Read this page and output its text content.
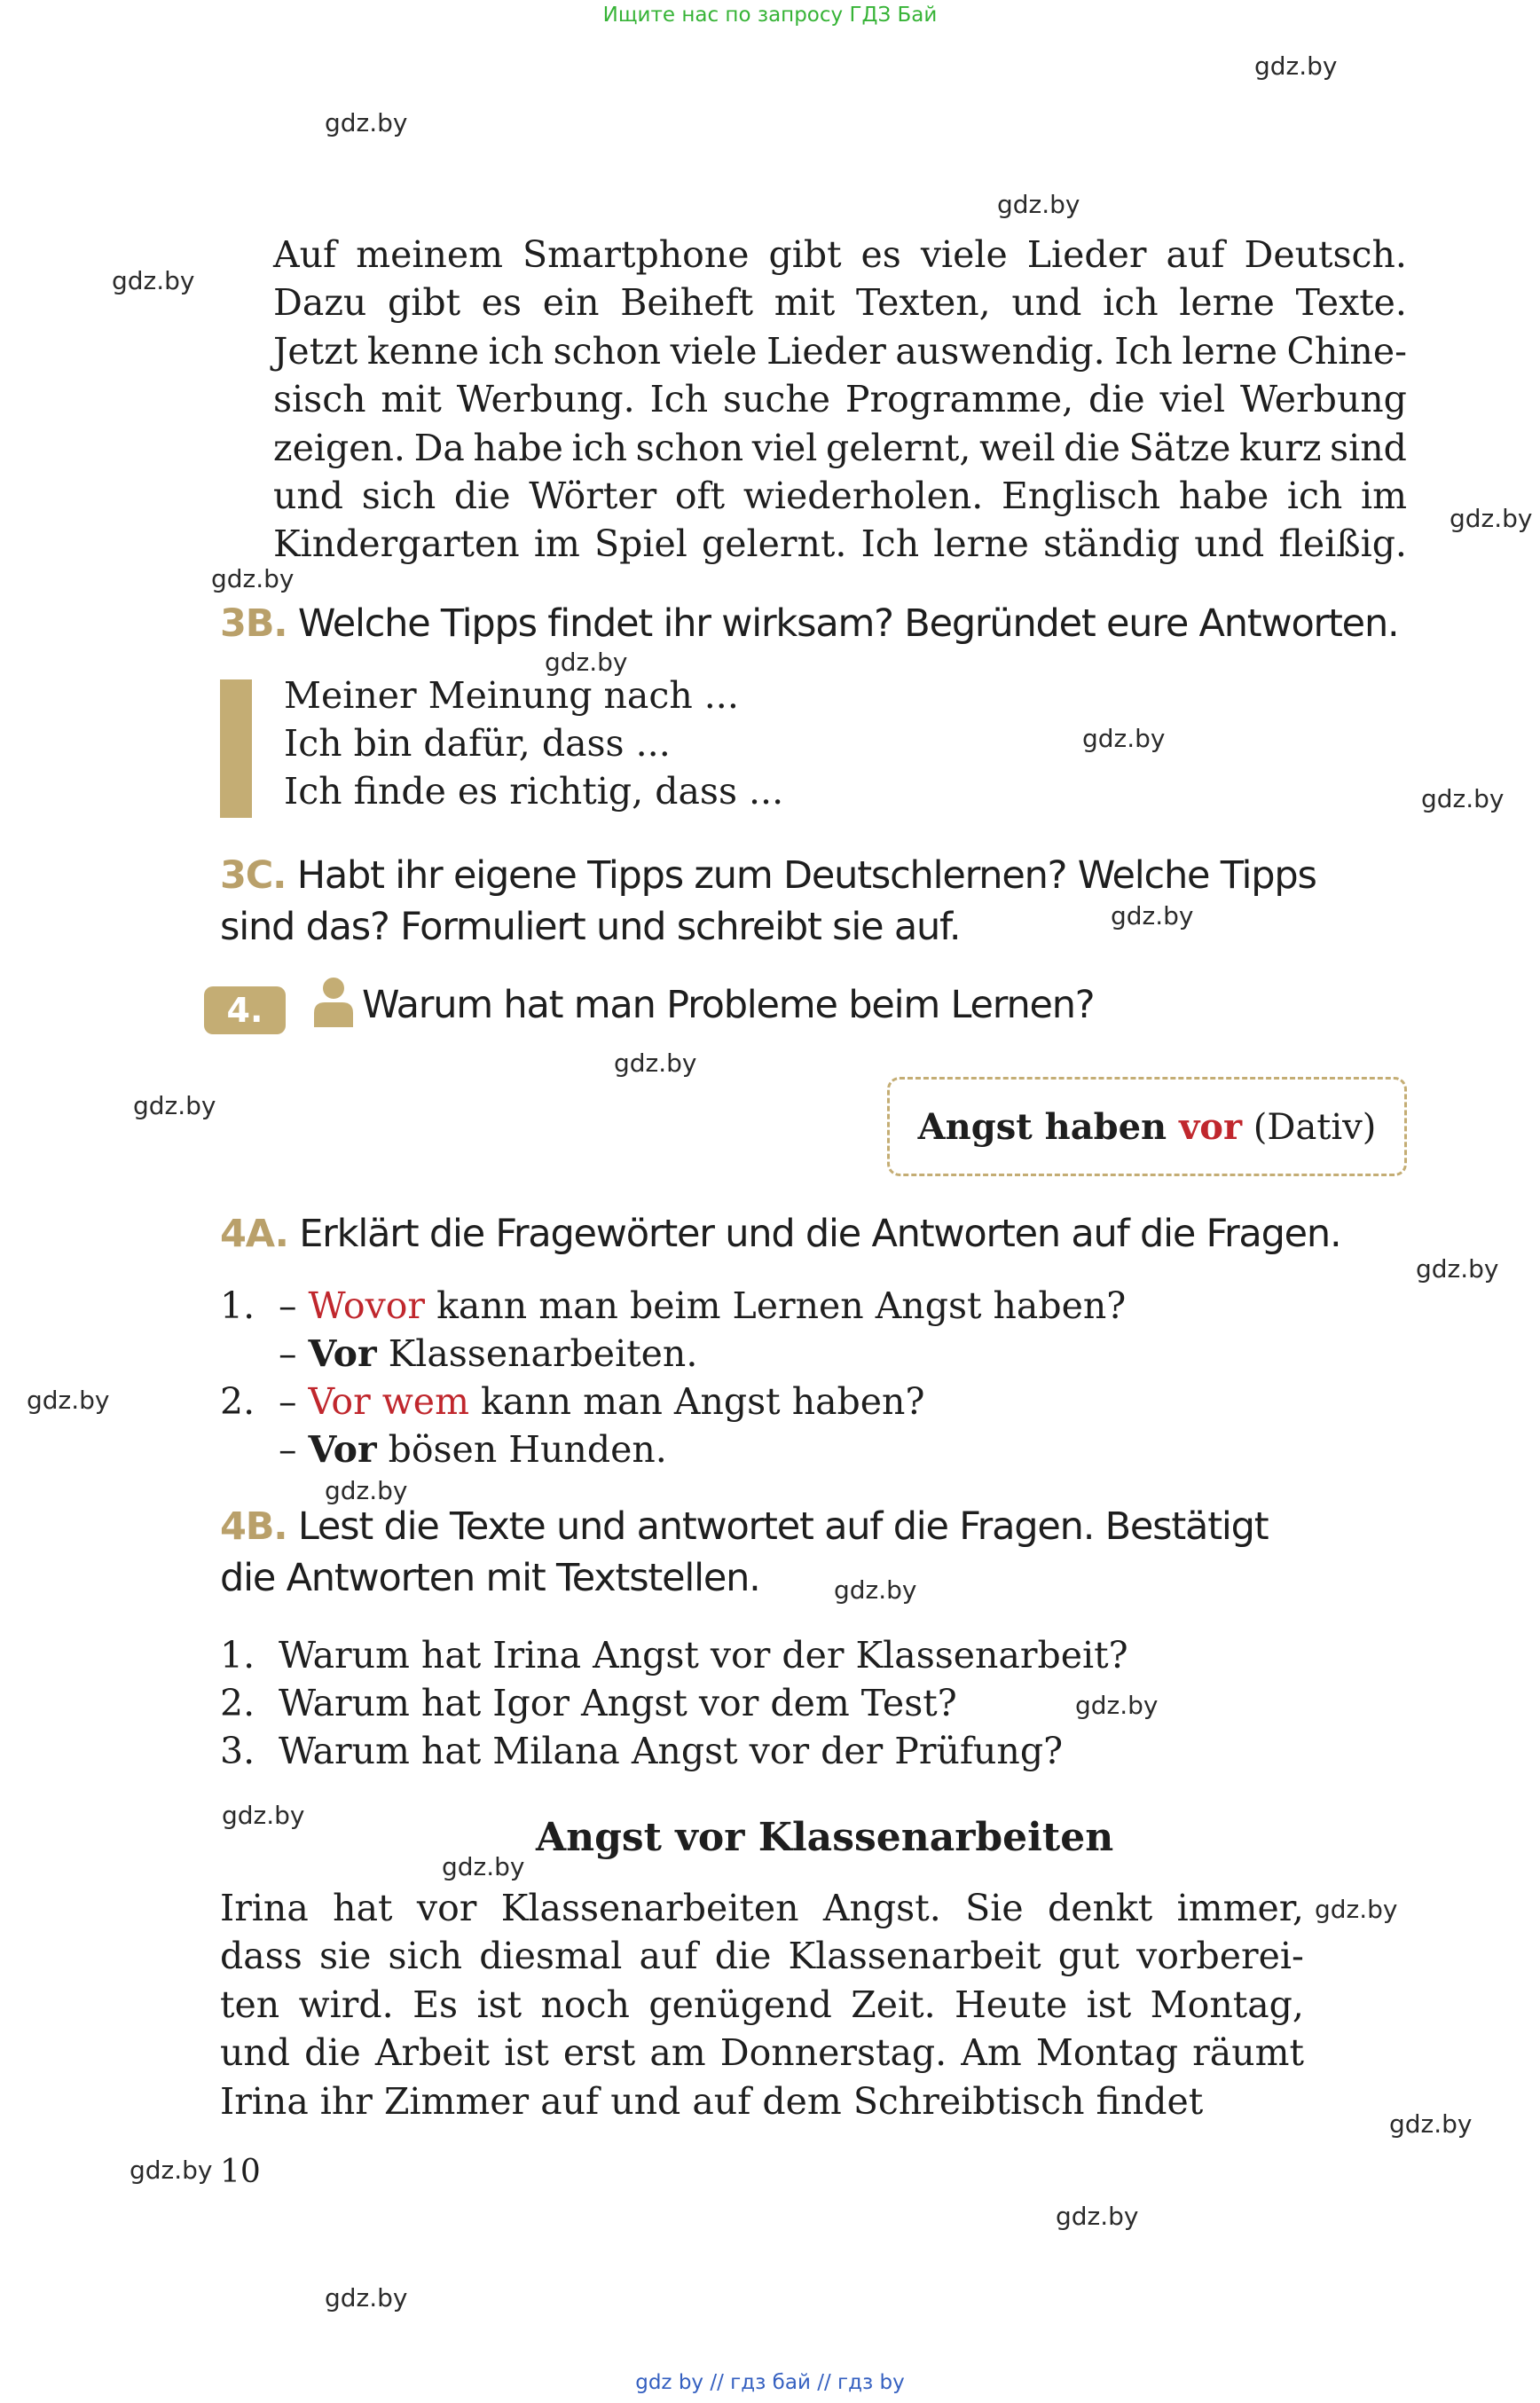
Ищите нас по запросу ГДЗ Бай
gdz.by
gdz.by
gdz.by
gdz.by
gdz.by
gdz.by
gdz.by
gdz.by
gdz.by
gdz.by
gdz.by
gdz.by
gdz.by
gdz.by
gdz.by
gdz.by
gdz.by
gdz.by
gdz.by
gdz.by
gdz.by
gdz.by
gdz.by
gdz.by
Auf meinem Smartphone gibt es viele Lieder auf Deutsch.
Dazu gibt es ein Beiheft mit Texten, und ich lerne Texte.
Jetzt kenne ich schon viele Lieder auswendig. Ich lerne Chine-
sisch mit Werbung. Ich suche Programme, die viel Werbung
zeigen. Da habe ich schon viel gelernt, weil die Sätze kurz sind
und sich die Wörter oft wiederholen. Englisch habe ich im
Kindergarten im Spiel gelernt. Ich lerne ständig und fleißig.
3B. Welche Tipps findet ihr wirksam? Begründet eure Antworten.
Meiner Meinung nach ...
Ich bin dafür, dass ...
Ich finde es richtig, dass ...
3C. Habt ihr eigene Tipps zum Deutschlernen? Welche Tipps
sind das? Formuliert und schreibt sie auf.
4.	Warum hat man Probleme beim Lernen?
Angst haben vor (Dativ)
4A. Erklärt die Fragewörter und die Antworten auf die Fragen.
1. – Wovor kann man beim Lernen Angst haben?
– Vor Klassenarbeiten.
2. – Vor wem kann man Angst haben?
– Vor bösen Hunden.
4B. Lest die Texte und antwortet auf die Fragen. Bestätigt
die Antworten mit Textstellen.
1. Warum hat Irina Angst vor der Klassenarbeit?
2. Warum hat Igor Angst vor dem Test?
3. Warum hat Milana Angst vor der Prüfung?
Angst vor Klassenarbeiten
Irina hat vor Klassenarbeiten Angst. Sie denkt immer,
dass sie sich diesmal auf die Klassenarbeit gut vorberei-
ten wird. Es ist noch genügend Zeit. Heute ist Montag,
und die Arbeit ist erst am Donnerstag. Am Montag räumt
Irina ihr Zimmer auf und auf dem Schreibtisch findet
10
gdz by // гдз бай // гдз by
